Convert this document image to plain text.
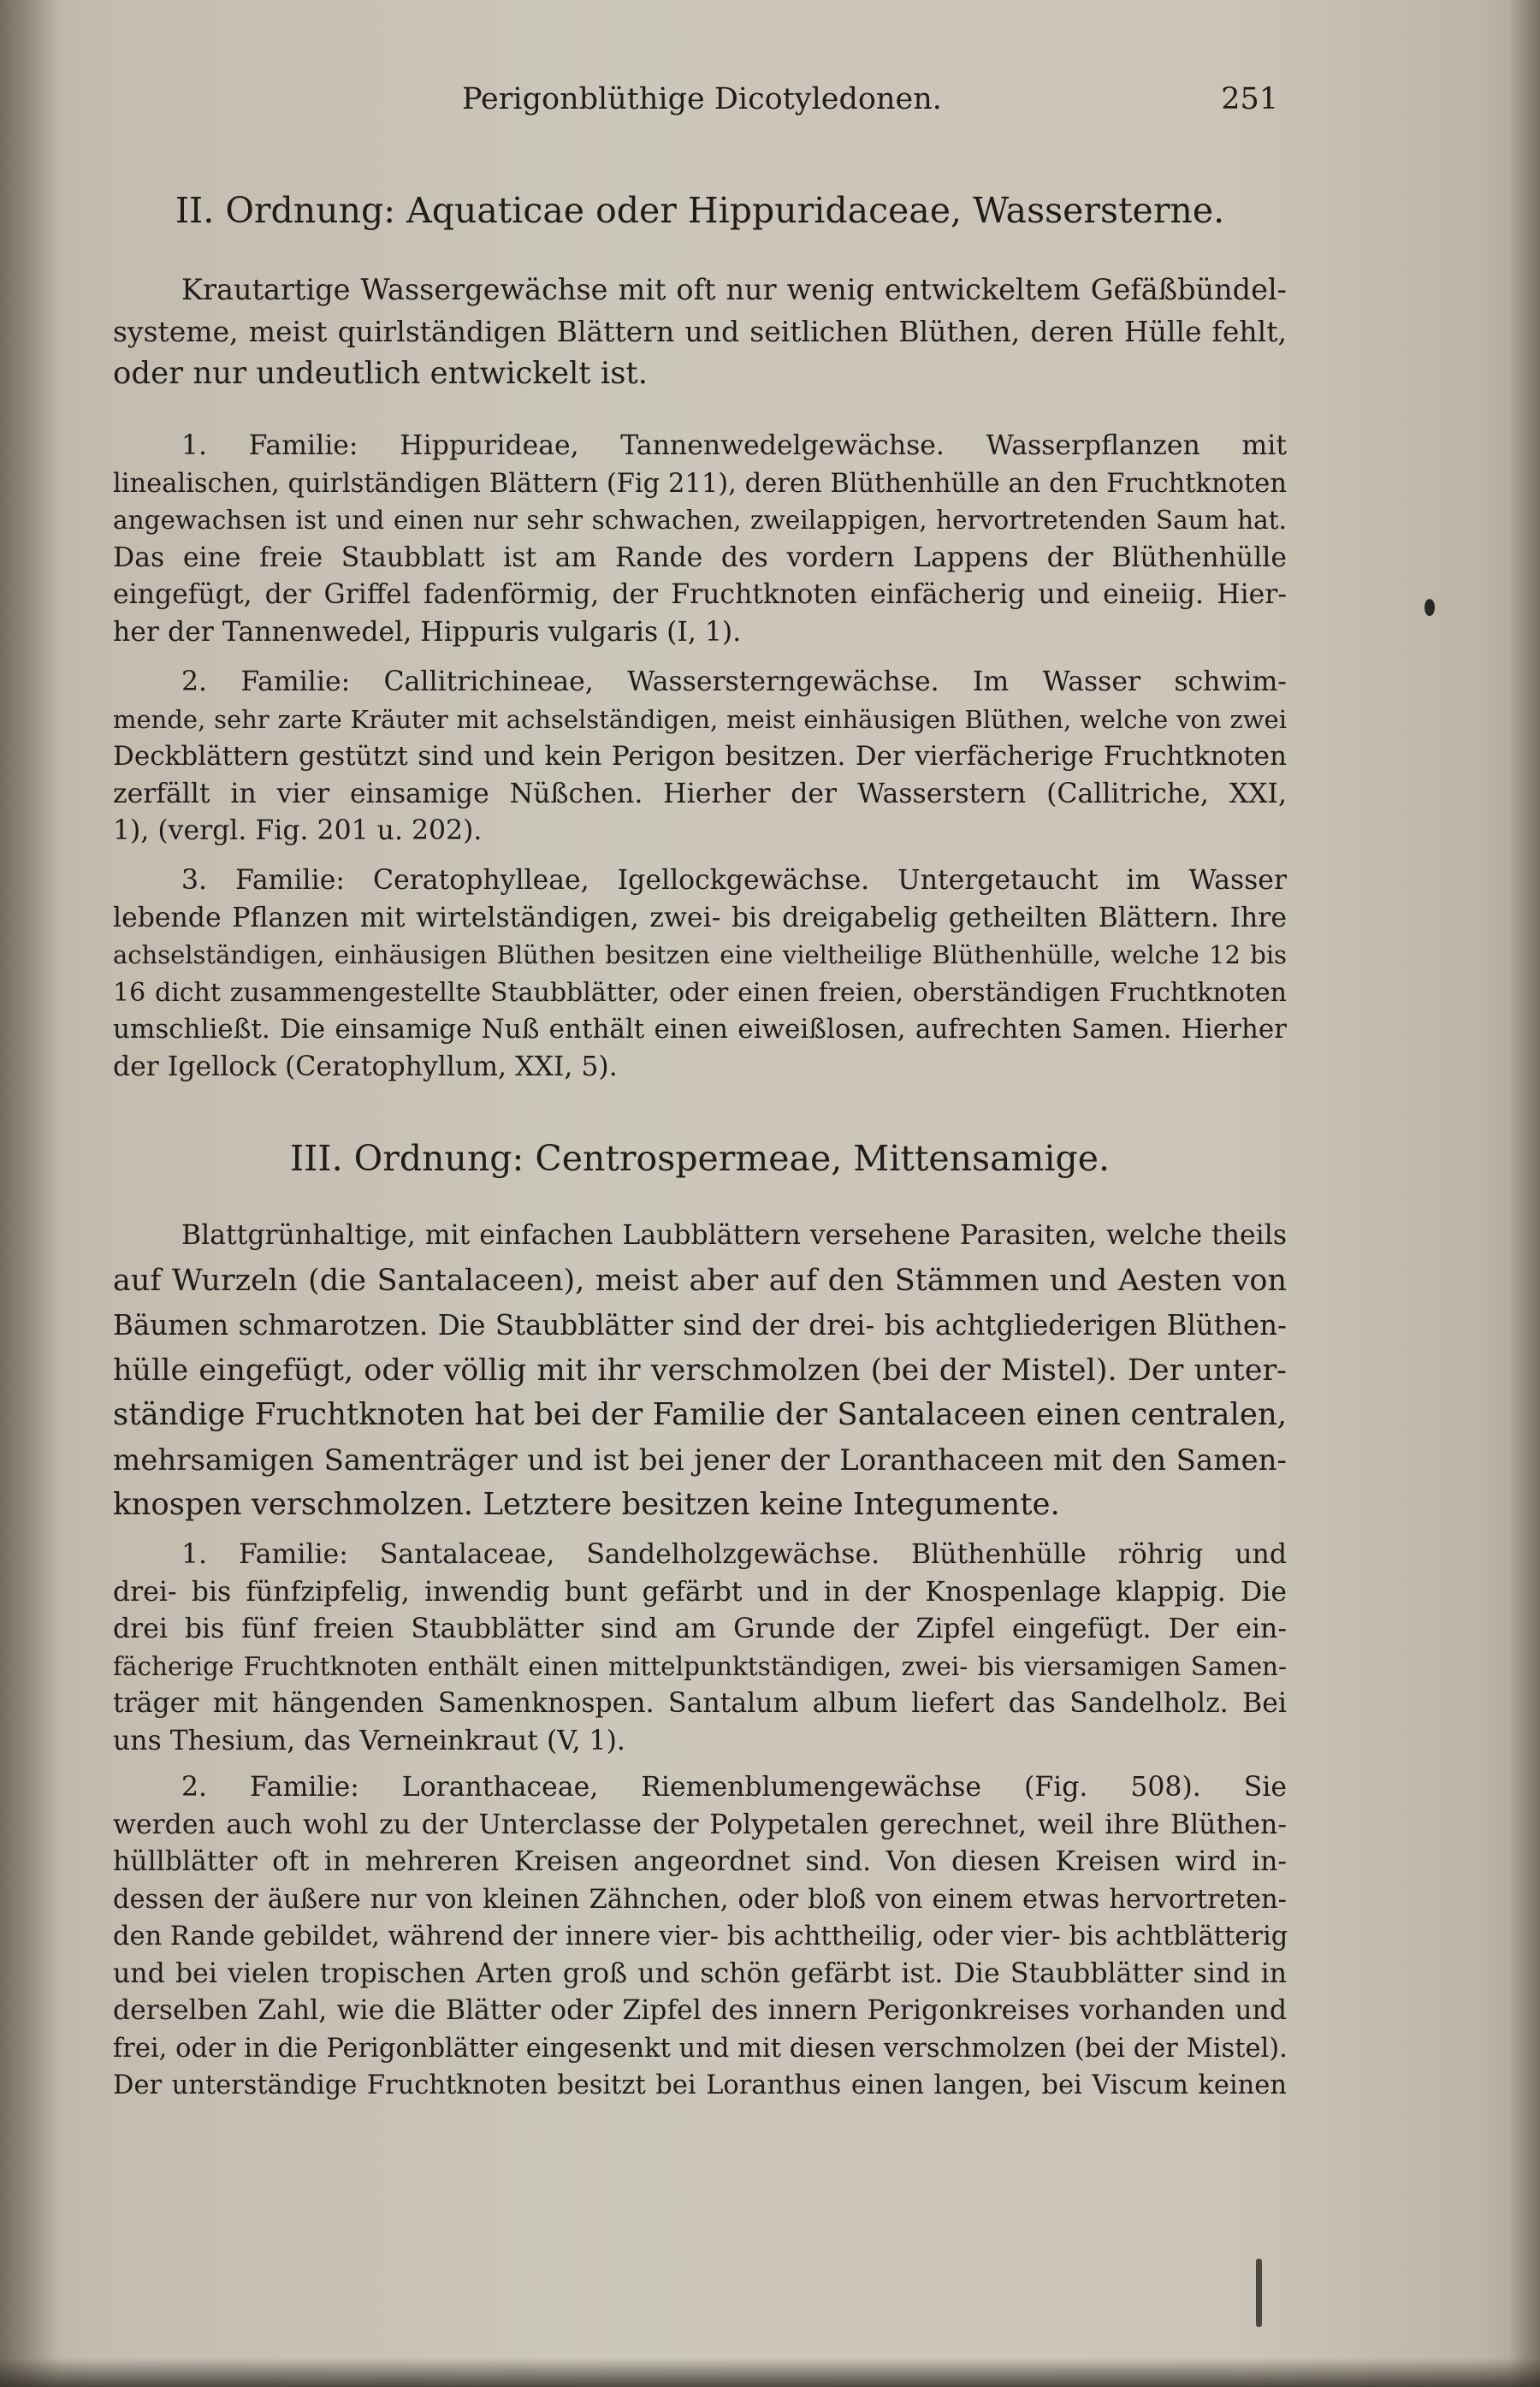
Perigonblüthige Dicotyledonen.	251
II. Ordnung: Aquaticae oder Hippuridaceae, Wassersterne.
Krautartige Wassergewächse mit oft nur wenig entwickeltem Gefäßbündel-
systeme, meist quirlständigen Blättern und seitlichen Blüthen, deren Hülle fehlt,
oder nur undeutlich entwickelt ist.
1. Familie: Hippurideae, Tannenwedelgewächse. Wasserpflanzen mit
linealischen, quirlständigen Blättern (Fig 211), deren Blüthenhülle an den Fruchtknoten
angewachsen ist und einen nur sehr schwachen, zweilappigen, hervortretenden Saum hat.
Das eine freie Staubblatt ist am Rande des vordern Lappens der Blüthenhülle
eingefügt, der Griffel fadenförmig, der Fruchtknoten einfächerig und eineiig. Hier-
her der Tannenwedel, Hippuris vulgaris (I, 1).
2. Familie: Callitrichineae, Wassersterngewächse. Im Wasser schwim-
mende, sehr zarte Kräuter mit achselständigen, meist einhäusigen Blüthen, welche von zwei
Deckblättern gestützt sind und kein Perigon besitzen. Der vierfächerige Fruchtknoten
zerfällt in vier einsamige Nüßchen. Hierher der Wasserstern (Callitriche, XXI,
1), (vergl. Fig. 201 u. 202).
3. Familie: Ceratophylleae, Igellockgewächse. Untergetaucht im Wasser
lebende Pflanzen mit wirtelständigen, zwei- bis dreigabelig getheilten Blättern. Ihre
achselständigen, einhäusigen Blüthen besitzen eine vieltheilige Blüthenhülle, welche 12 bis
16 dicht zusammengestellte Staubblätter, oder einen freien, oberständigen Fruchtknoten
umschließt. Die einsamige Nuß enthält einen eiweißlosen, aufrechten Samen. Hierher
der Igellock (Ceratophyllum, XXI, 5).
III. Ordnung: Centrospermeae, Mittensamige.
Blattgrünhaltige, mit einfachen Laubblättern versehene Parasiten, welche theils
auf Wurzeln (die Santalaceen), meist aber auf den Stämmen und Aesten von
Bäumen schmarotzen. Die Staubblätter sind der drei- bis achtgliederigen Blüthen-
hülle eingefügt, oder völlig mit ihr verschmolzen (bei der Mistel). Der unter-
ständige Fruchtknoten hat bei der Familie der Santalaceen einen centralen,
mehrsamigen Samenträger und ist bei jener der Loranthaceen mit den Samen-
knospen verschmolzen. Letztere besitzen keine Integumente.
1. Familie: Santalaceae, Sandelholzgewächse. Blüthenhülle röhrig und
drei- bis fünfzipfelig, inwendig bunt gefärbt und in der Knospenlage klappig. Die
drei bis fünf freien Staubblätter sind am Grunde der Zipfel eingefügt. Der ein-
fächerige Fruchtknoten enthält einen mittelpunktständigen, zwei- bis viersamigen Samen-
träger mit hängenden Samenknospen. Santalum album liefert das Sandelholz. Bei
uns Thesium, das Verneinkraut (V, 1).
2. Familie: Loranthaceae, Riemenblumengewächse (Fig. 508). Sie
werden auch wohl zu der Unterclasse der Polypetalen gerechnet, weil ihre Blüthen-
hüllblätter oft in mehreren Kreisen angeordnet sind. Von diesen Kreisen wird in-
dessen der äußere nur von kleinen Zähnchen, oder bloß von einem etwas hervortreten-
den Rande gebildet, während der innere vier- bis achttheilig, oder vier- bis achtblätterig
und bei vielen tropischen Arten groß und schön gefärbt ist. Die Staubblätter sind in
derselben Zahl, wie die Blätter oder Zipfel des innern Perigonkreises vorhanden und
frei, oder in die Perigonblätter eingesenkt und mit diesen verschmolzen (bei der Mistel).
Der unterständige Fruchtknoten besitzt bei Loranthus einen langen, bei Viscum keinen
